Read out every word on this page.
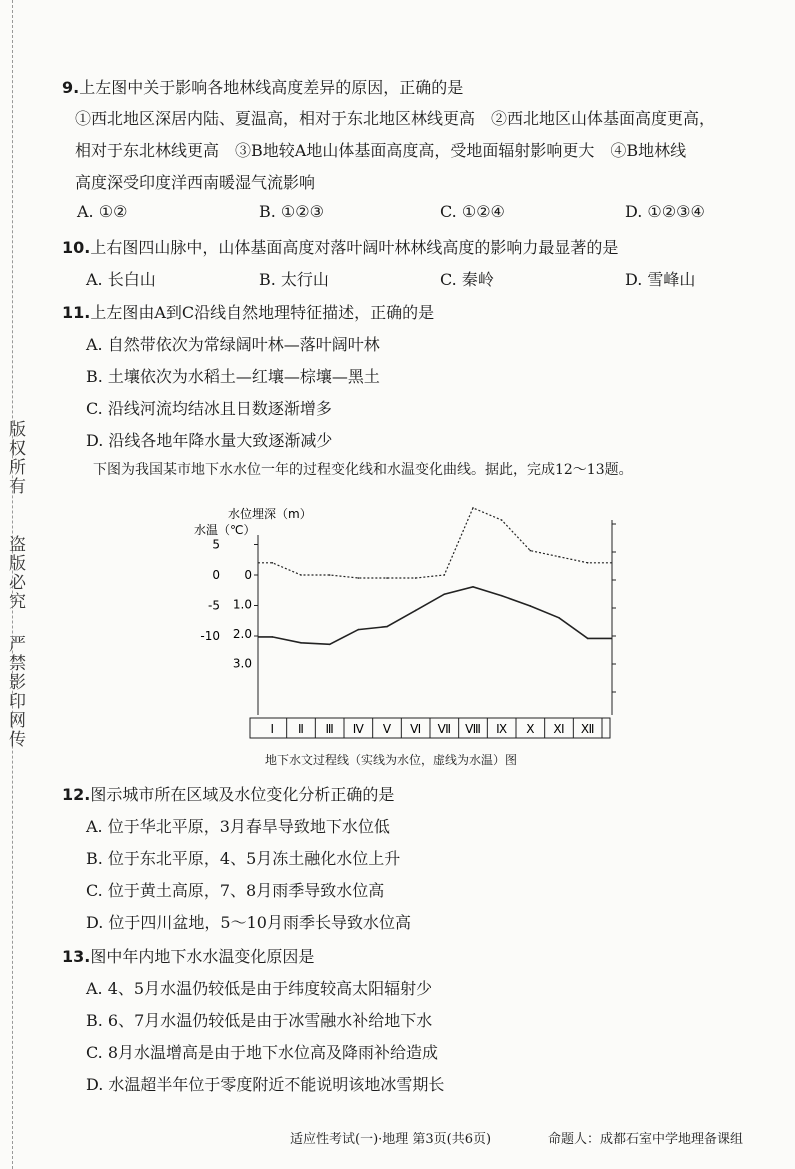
版权所有
盗版必究
严禁影印网传
9.上左图中关于影响各地林线高度差异的原因，正确的是
①西北地区深居内陆、夏温高，相对于东北地区林线更高　②西北地区山体基面高度更高，
相对于东北林线更高　③B地较A地山体基面高度高，受地面辐射影响更大　④B地林线
高度深受印度洋西南暖湿气流影响
A. ①②	B. ①②③	C. ①②④	D. ①②③④
10.上右图四山脉中，山体基面高度对落叶阔叶林林线高度的影响力最显著的是
A. 长白山	B. 太行山	C. 秦岭	D. 雪峰山
11.上左图由A到C沿线自然地理特征描述，正确的是
A. 自然带依次为常绿阔叶林—落叶阔叶林
B. 土壤依次为水稻土—红壤—棕壤—黑土
C. 沿线河流均结冰且日数逐渐增多
D. 沿线各地年降水量大致逐渐减少
下图为我国某市地下水水位一年的过程变化线和水温变化曲线。据此，完成12～13题。
水位埋深（m）
水温（℃）
5
0
-5
-10
0
1.0
2.0
3.0
Ⅰ Ⅱ Ⅲ Ⅳ Ⅴ Ⅵ Ⅶ Ⅷ Ⅸ Ⅹ Ⅺ Ⅻ
地下水文过程线（实线为水位，虚线为水温）图
12.图示城市所在区域及水位变化分析正确的是
A. 位于华北平原，3月春旱导致地下水位低
B. 位于东北平原，4、5月冻土融化水位上升
C. 位于黄土高原，7、8月雨季导致水位高
D. 位于四川盆地，5～10月雨季长导致水位高
13.图中年内地下水水温变化原因是
A. 4、5月水温仍较低是由于纬度较高太阳辐射少
B. 6、7月水温仍较低是由于冰雪融水补给地下水
C. 8月水温增高是由于地下水位高及降雨补给造成
D. 水温超半年位于零度附近不能说明该地冰雪期长
适应性考试(一)·地理 第3页(共6页)	命题人：成都石室中学地理备课组
